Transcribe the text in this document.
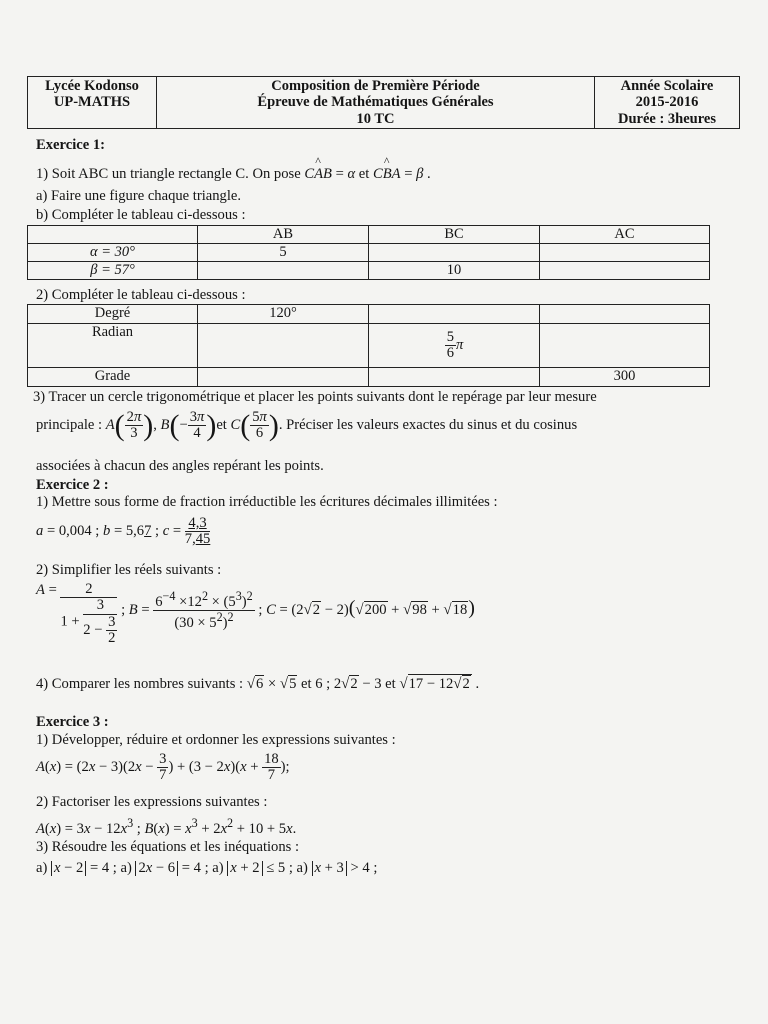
Lycée Kodonso
UP-MATHS

Composition de Première Période
Épreuve de Mathématiques Générales
10 TC

Année Scolaire
2015-2016
Durée : 3heures
Exercice 1:
1) Soit ABC un triangle rectangle C. On pose ^ CAB = α et ^ CBA = β .
a) Faire une figure chaque triangle.
b) Compléter le tableau ci-dessous :
	AB	BC	AC
α = 30°	5		
β = 57°		10	
2) Compléter le tableau ci-dessous :
Degré	120°		
Radian		$\frac{5}{6}$ π	
Grade			300
3) Tracer un cercle trigonométrique et placer les points suivants dont le repérage par leur mesure
principale : $A( \frac{2\pi}{3}$ ), $B(- \frac{3\pi}{4} )et$ $C( \frac{5\pi}{6}$ ). Préciser les valeurs exactes du sinus et du cosinus
associées à chacun des angles repérant les points.
Exercice 2 :
1) Mettre sous forme de fraction irréductible les écritures décimales illimitées :
a = 0,004 ; b = 5,67 ; $c = \frac{4,3}{7,45}$
2) Simplifier les réels suivants :
$A = \frac{2}{1 + \frac{3}{2 - \frac{3}{2}}}$ ; $B = \frac{6^{-4} \times 12^2 \times (5^3)^2}{(30 \times 5^2)^2}$ ; C = (2√2 − 2)(√200 + √98 + √18)
4) Comparer les nombres suivants : √6 × √5 et 6 ; 2√2 − 3 et √17 − 12√2 .
Exercice 3 :
1) Développer, réduire et ordonner les expressions suivantes :
$A(x) = (2x - 3)(2x - \frac{3}{7}$ ) + $(3 - 2x)(x + \frac{18}{7}$ );
2) Factoriser les expressions suivantes :
$A(x) = 3x - 12x^3$ ; $B(x) = x^3 + 2x^2 + 10 + 5x$.
3) Résoudre les équations et les inéquations :
a) x − 2 = 4 ; a) 2x − 6 = 4 ; a) x + 2 ≤ 5 ; a) x + 3 > 4 ;
